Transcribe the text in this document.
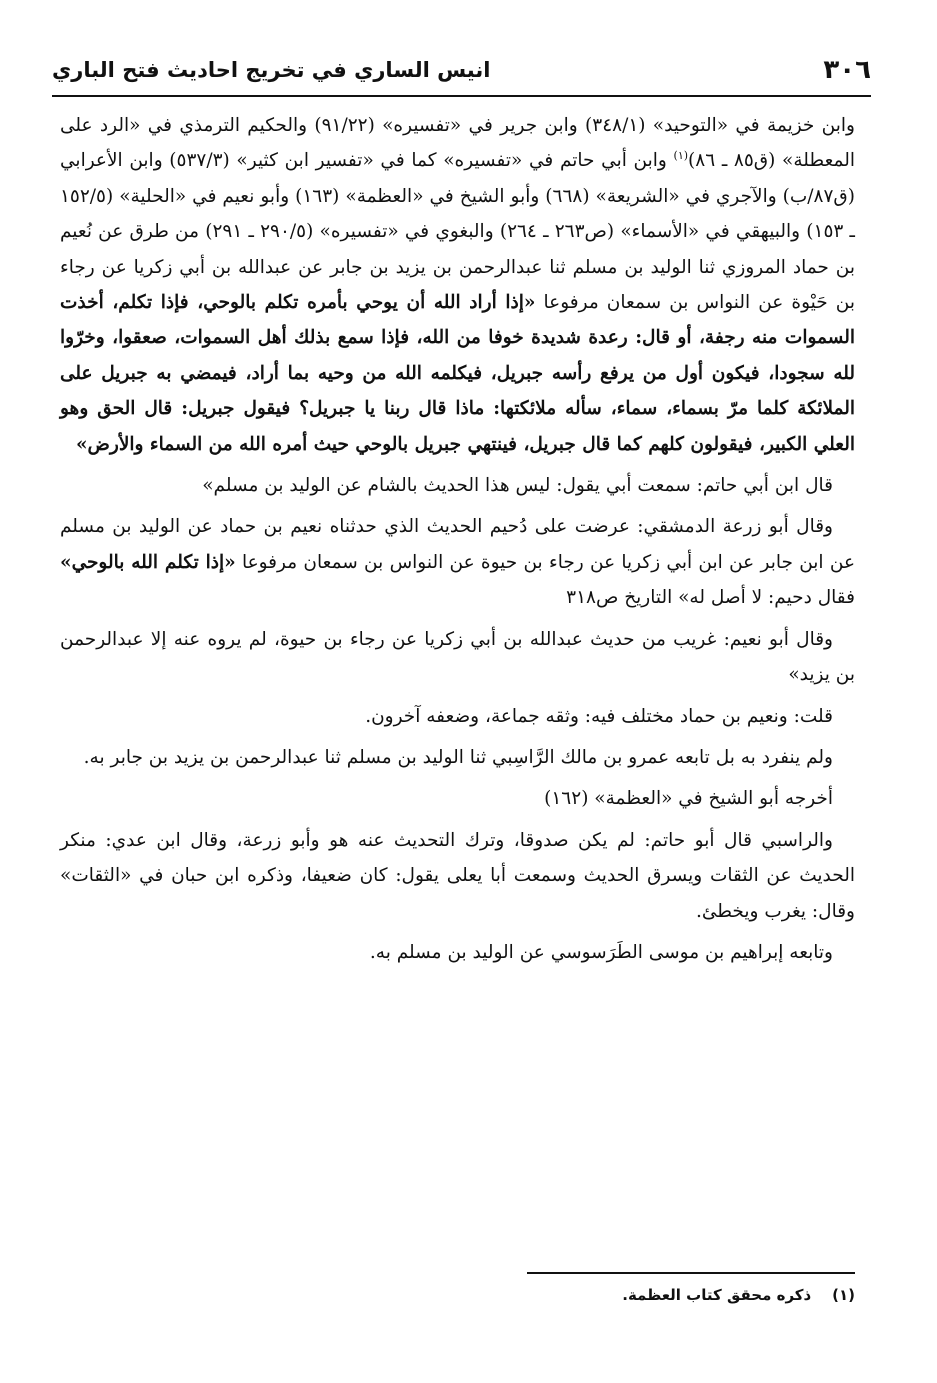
٣٠٦
انيس الساري في تخريج احاديث فتح الباري

وابن خزيمة في «التوحيد» (٣٤٨/١) وابن جرير في «تفسيره» (٩١/٢٢) والحكيم الترمذي في «الرد على المعطلة» (ق٨٥ ـ ٨٦)$^{(١)}$ وابن أبي حاتم في «تفسيره» كما في «تفسير ابن كثير» (٥٣٧/٣) وابن الأعرابي (ق٨٧/ب) والآجري في «الشريعة» (٦٦٨) وأبو الشيخ في «العظمة» (١٦٣) وأبو نعيم في «الحلية» (١٥٢/٥ ـ ١٥٣) والبيهقي في «الأسماء» (ص٢٦٣ ـ ٢٦٤) والبغوي في «تفسيره» (٢٩٠/٥ ـ ٢٩١) من طرق عن نُعيم بن حماد المروزي ثنا الوليد بن مسلم ثنا عبدالرحمن بن يزيد بن جابر عن عبدالله بن أبي زكريا عن رجاء بن حَيْوة عن النواس بن سمعان مرفوعا «إذا أراد الله أن يوحي بأمره تكلم بالوحي، فإذا تكلم، أخذت السموات منه رجفة، أو قال: رعدة شديدة خوفا من الله، فإذا سمع بذلك أهل السموات، صعقوا، وخرّوا لله سجودا، فيكون أول من يرفع رأسه جبريل، فيكلمه الله من وحيه بما أراد، فيمضي به جبريل على الملائكة كلما مرّ بسماء، سماء، سأله ملائكتها: ماذا قال ربنا يا جبريل؟ فيقول جبريل: قال الحق وهو العلي الكبير، فيقولون كلهم كما قال جبريل، فينتهي جبريل بالوحي حيث أمره الله من السماء والأرض»

قال ابن أبي حاتم: سمعت أبي يقول: ليس هذا الحديث بالشام عن الوليد بن مسلم»

وقال أبو زرعة الدمشقي: عرضت على دُحيم الحديث الذي حدثناه نعيم بن حماد عن الوليد بن مسلم عن ابن جابر عن ابن أبي زكريا عن رجاء بن حيوة عن النواس بن سمعان مرفوعا «إذا تكلم الله بالوحي» فقال دحيم: لا أصل له» التاريخ ص٣١٨

وقال أبو نعيم: غريب من حديث عبدالله بن أبي زكريا عن رجاء بن حيوة، لم يروه عنه إلا عبدالرحمن بن يزيد»

قلت: ونعيم بن حماد مختلف فيه: وثقه جماعة، وضعفه آخرون.

ولم ينفرد به بل تابعه عمرو بن مالك الرَّاسِبي ثنا الوليد بن مسلم ثنا عبدالرحمن بن يزيد بن جابر به.

أخرجه أبو الشيخ في «العظمة» (١٦٢)

والراسبي قال أبو حاتم: لم يكن صدوقا، وترك التحديث عنه هو وأبو زرعة، وقال ابن عدي: منكر الحديث عن الثقات ويسرق الحديث وسمعت أبا يعلى يقول: كان ضعيفا، وذكره ابن حبان في «الثقات» وقال: يغرب ويخطئ.

وتابعه إبراهيم بن موسى الطَرَسوسي عن الوليد بن مسلم به.

(١)    ذكره محقق كتاب العظمة.
